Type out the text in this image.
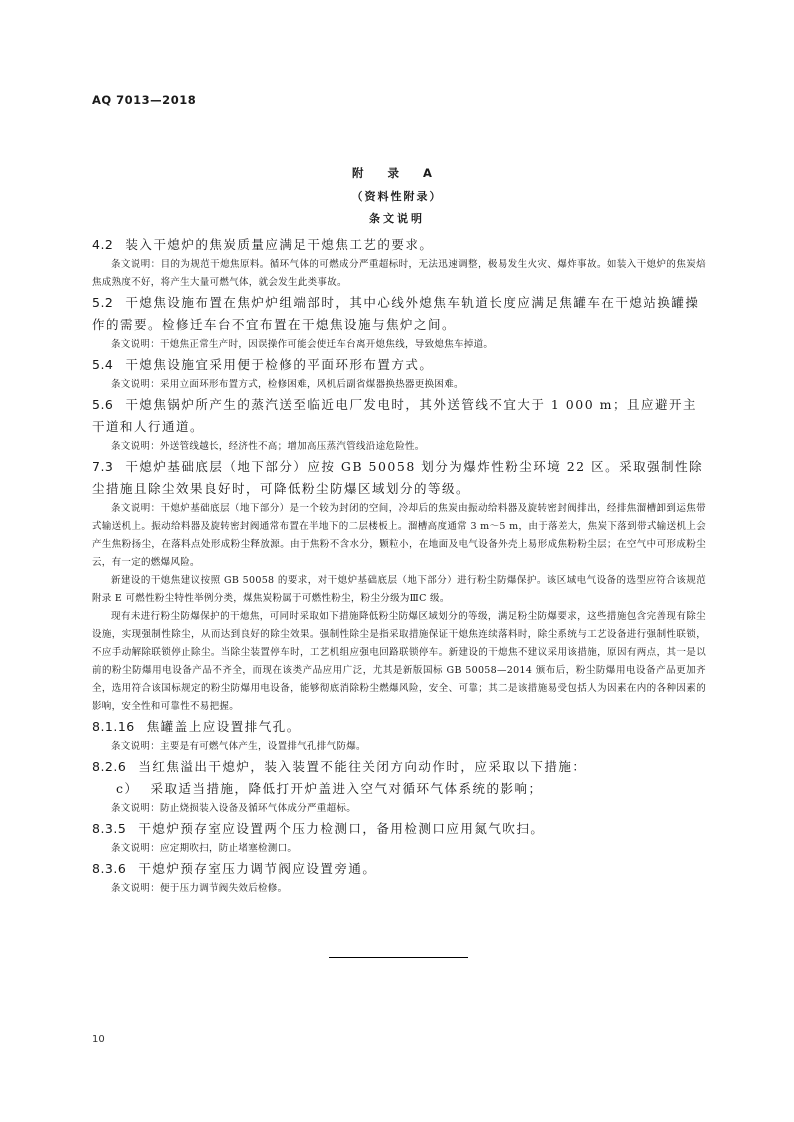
AQ 7013—2018
附 录 A
（资料性附录）
条文说明

4.2 装入干熄炉的焦炭质量应满足干熄焦工艺的要求。

条文说明：目的为规范干熄焦原料。循环气体的可燃成分严重超标时，无法迅速调整，极易发生火灾、爆炸事故。如装入干熄炉的焦炭焙焦成熟度不好，将产生大量可燃气体，就会发生此类事故。

5.2 干熄焦设施布置在焦炉炉组端部时，其中心线外熄焦车轨道长度应满足焦罐车在干熄站换罐操作的需要。检修迁车台不宜布置在干熄焦设施与焦炉之间。

条文说明：干熄焦正常生产时，因误操作可能会使迁车台离开熄焦线，导致熄焦车掉道。

5.4 干熄焦设施宜采用便于检修的平面环形布置方式。

条文说明：采用立面环形布置方式，检修困难，风机后副省煤器换热器更换困难。

5.6 干熄焦锅炉所产生的蒸汽送至临近电厂发电时，其外送管线不宜大于 1 000 m；且应避开主干道和人行通道。

条文说明：外送管线越长，经济性不高；增加高压蒸汽管线沿途危险性。

7.3 干熄炉基础底层（地下部分）应按 GB 50058 划分为爆炸性粉尘环境 22 区。采取强制性除尘措施且除尘效果良好时，可降低粉尘防爆区域划分的等级。

条文说明：干熄炉基础底层（地下部分）是一个较为封闭的空间，冷却后的焦炭由振动给料器及旋转密封阀排出，经排焦溜槽卸到运焦带式输送机上。振动给料器及旋转密封阀通常布置在半地下的二层楼板上。溜槽高度通常 3 m～5 m，由于落差大，焦炭下落到带式输送机上会产生焦粉扬尘，在落料点处形成粉尘释放源。由于焦粉不含水分，颗粒小，在地面及电气设备外壳上易形成焦粉粉尘层；在空气中可形成粉尘云，有一定的燃爆风险。

新建设的干熄焦建议按照 GB 50058 的要求，对干熄炉基础底层（地下部分）进行粉尘防爆保护。该区域电气设备的选型应符合该规范附录 E 可燃性粉尘特性举例分类，煤焦炭粉属于可燃性粉尘，粉尘分级为ⅢC 级。

现有未进行粉尘防爆保护的干熄焦，可同时采取如下措施降低粉尘防爆区域划分的等级，满足粉尘防爆要求，这些措施包含完善现有除尘设施，实现强制性除尘，从而达到良好的除尘效果。强制性除尘是指采取措施保证干熄焦连续落料时，除尘系统与工艺设备进行强制性联锁，不应手动解除联锁停止除尘。当除尘装置停车时，工艺机组应强电回路联锁停车。新建设的干熄焦不建议采用该措施，原因有两点，其一是以前的粉尘防爆用电设备产品不齐全，而现在该类产品应用广泛，尤其是新版国标 GB 50058—2014 颁布后，粉尘防爆用电设备产品更加齐全，选用符合该国标规定的粉尘防爆用电设备，能够彻底消除粉尘燃爆风险，安全、可靠；其二是该措施易受包括人为因素在内的各种因素的影响，安全性和可靠性不易把握。

8.1.16 焦罐盖上应设置排气孔。

条文说明：主要是有可燃气体产生，设置排气孔排气防爆。

8.2.6 当红焦溢出干熄炉，装入装置不能往关闭方向动作时，应采取以下措施：

c） 采取适当措施，降低打开炉盖进入空气对循环气体系统的影响；

条文说明：防止烧损装入设备及循环气体成分严重超标。

8.3.5 干熄炉预存室应设置两个压力检测口，备用检测口应用氮气吹扫。

条文说明：应定期吹扫，防止堵塞检测口。

8.3.6 干熄炉预存室压力调节阀应设置旁通。

条文说明：便于压力调节阀失效后检修。

10
